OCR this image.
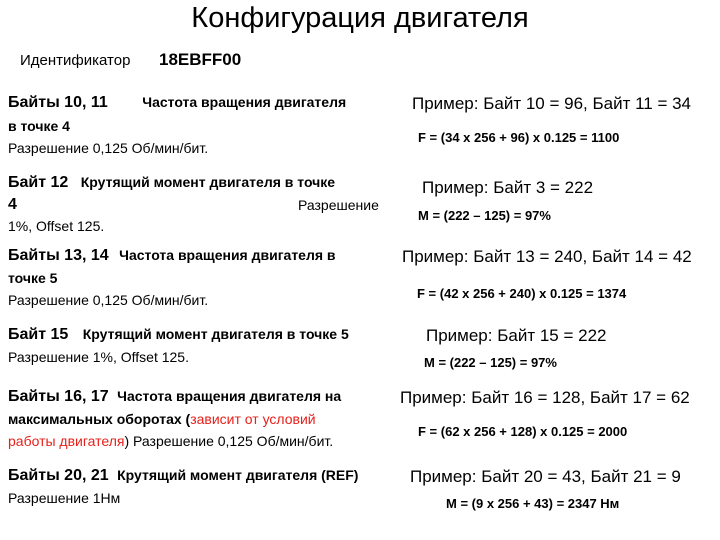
Конфигурация двигателя
Идентификатор 18EBFF00
Байты 10, 11 Частота вращения двигателя
в точке 4
Разрешение 0,125 Об/мин/бит.
Пример: Байт 10 = 96, Байт 11 = 34
F = (34 x 256 + 96) x 0.125 = 1100
Байт 12 Крутящий момент двигателя в точке
4	Разрешение
1%, Offset 125.
Пример: Байт 3 = 222
M = (222 – 125) = 97%
Байты 13, 14 Частота вращения двигателя в
точке 5
Разрешение 0,125 Об/мин/бит.
Пример: Байт 13 = 240, Байт 14 = 42
F = (42 x 256 + 240) x 0.125 = 1374
Байт 15 Крутящий момент двигателя в точке 5
Разрешение 1%, Offset 125.
Пример: Байт 15 = 222
M = (222 – 125) = 97%
Байты 16, 17 Частота вращения двигателя на
максимальных оборотах (зависит от условий
работы двигателя) Разрешение 0,125 Об/мин/бит.
Пример: Байт 16 = 128, Байт 17 = 62
F = (62 x 256 + 128) x 0.125 = 2000
Байты 20, 21 Крутящий момент двигателя (REF)
Разрешение 1Нм
Пример: Байт 20 = 43, Байт 21 = 9
M = (9 x 256 + 43) = 2347 Нм
